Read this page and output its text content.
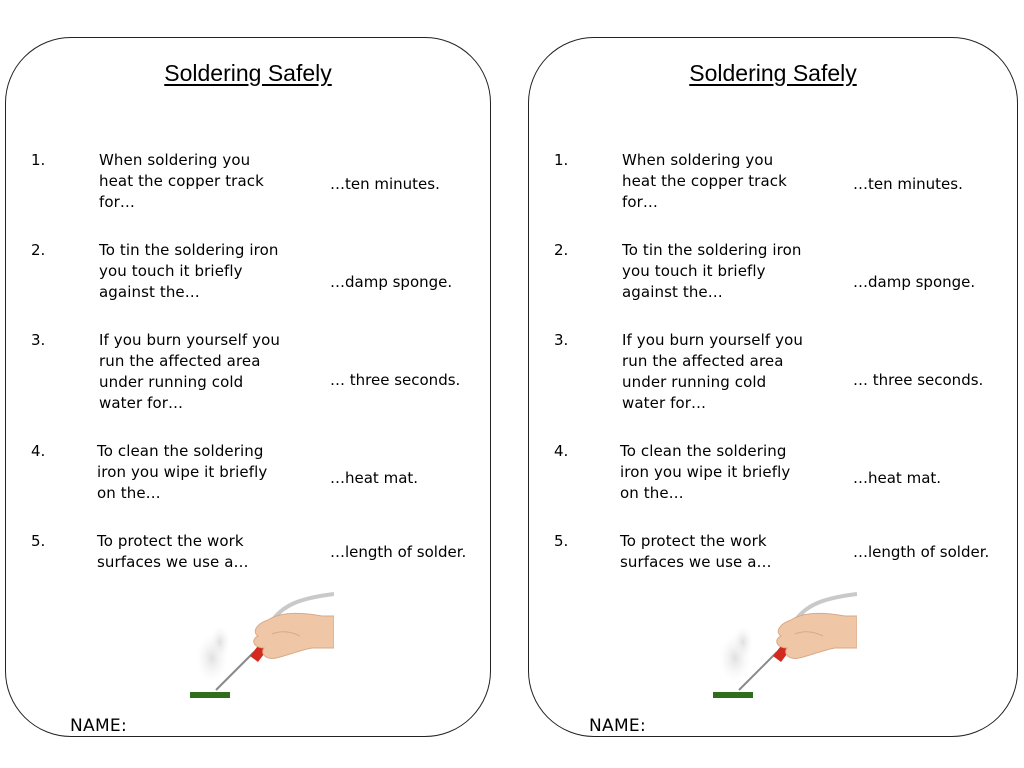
Soldering Safely
1.	When soldering you heat the copper track for…
…ten minutes.
2.	To tin the soldering iron you touch it briefly against the…
…damp sponge.
3.	If you burn yourself you run the affected area under running cold water for…
… three seconds.
4.	To clean the soldering iron you wipe it briefly on the…
…heat mat.
5.	To protect the work surfaces we use a…
…length of solder.
NAME:
Soldering Safely
1.	When soldering you heat the copper track for…
…ten minutes.
2.	To tin the soldering iron you touch it briefly against the…
…damp sponge.
3.	If you burn yourself you run the affected area under running cold water for…
… three seconds.
4.	To clean the soldering iron you wipe it briefly on the…
…heat mat.
5.	To protect the work surfaces we use a…
…length of solder.
NAME:
